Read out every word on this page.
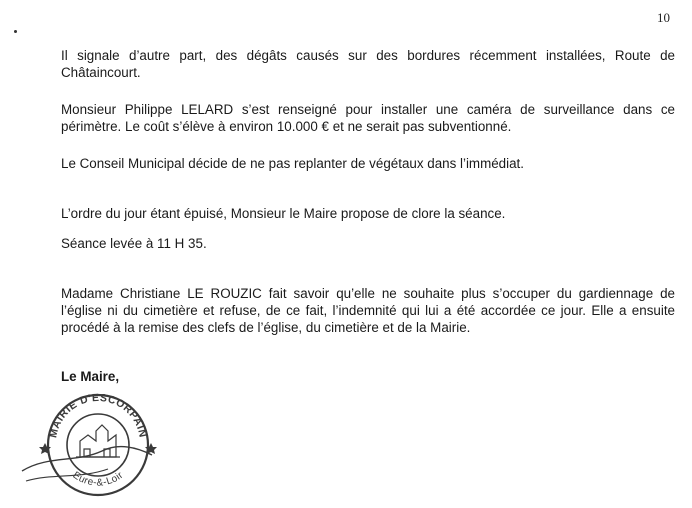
10

Il signale d’autre part, des dégâts causés sur des bordures récemment installées, Route de Châtaincourt.

Monsieur Philippe LELARD s’est renseigné pour installer une caméra de surveillance dans ce périmètre. Le coût s’élève à environ 10.000 € et ne serait pas subventionné.

Le Conseil Municipal décide de ne pas replanter de végétaux dans l’immédiat.

L’ordre du jour étant épuisé, Monsieur le Maire propose de clore la séance.

Séance levée à 11 H 35.

Madame Christiane LE ROUZIC fait savoir qu’elle ne souhaite plus s’occuper du gardiennage de l’église ni du cimetière et refuse, de ce fait, l’indemnité qui lui a été accordée ce jour. Elle a ensuite procédé à la remise des clefs de l’église, du cimetière et de la Mairie.

Le Maire,

MAIRIE D'ESCORPAIN
Eure-&-Loir
